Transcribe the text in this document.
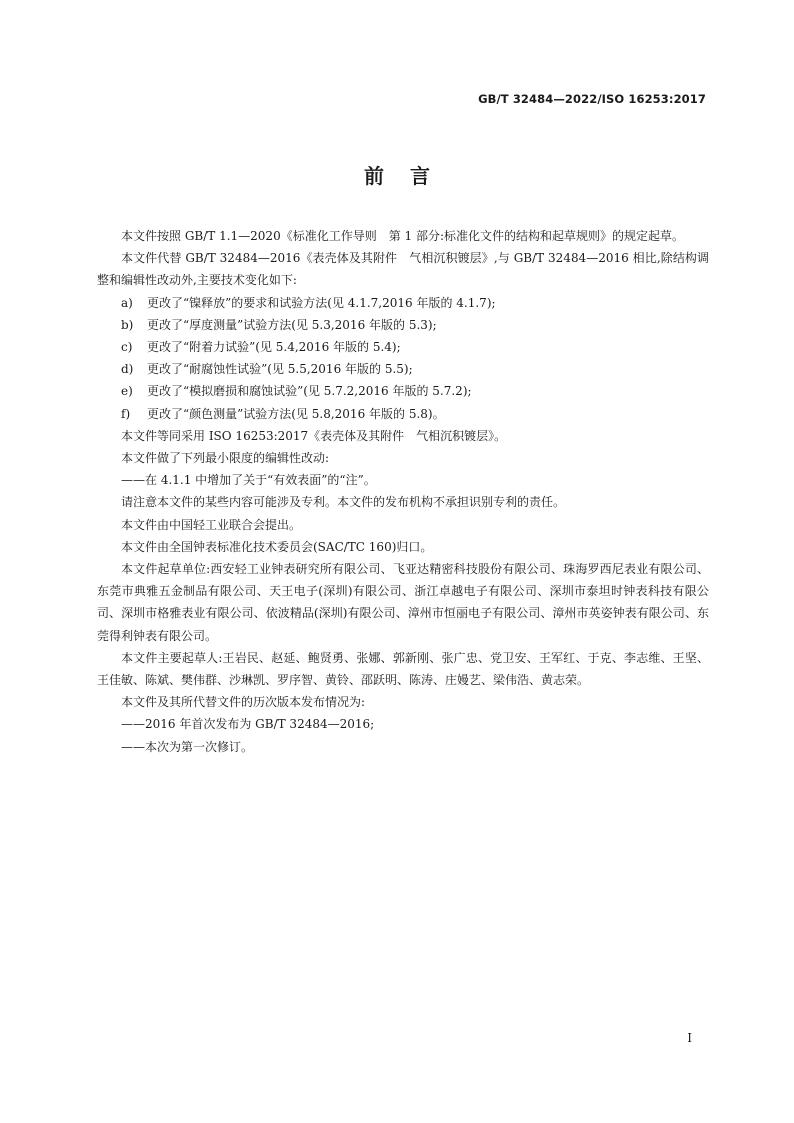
GB/T 32484—2022/ISO 16253:2017
前言

本文件按照 GB/T 1.1—2020《标准化工作导则　第 1 部分:标准化文件的结构和起草规则》的规定起草。

本文件代替 GB/T 32484—2016《表壳体及其附件　气相沉积镀层》,与 GB/T 32484—2016 相比,除结构调整和编辑性改动外,主要技术变化如下:

a) 更改了“镍释放”的要求和试验方法(见 4.1.7,2016 年版的 4.1.7);

b) 更改了“厚度测量”试验方法(见 5.3,2016 年版的 5.3);

c) 更改了“附着力试验”(见 5.4,2016 年版的 5.4);

d) 更改了“耐腐蚀性试验”(见 5.5,2016 年版的 5.5);

e) 更改了“模拟磨损和腐蚀试验”(见 5.7.2,2016 年版的 5.7.2);

f) 更改了“颜色测量”试验方法(见 5.8,2016 年版的 5.8)。

本文件等同采用 ISO 16253:2017《表壳体及其附件　气相沉积镀层》。

本文件做了下列最小限度的编辑性改动:

——在 4.1.1 中增加了关于“有效表面”的“注”。

请注意本文件的某些内容可能涉及专利。本文件的发布机构不承担识别专利的责任。

本文件由中国轻工业联合会提出。

本文件由全国钟表标准化技术委员会(SAC/TC 160)归口。

本文件起草单位:西安轻工业钟表研究所有限公司、飞亚达精密科技股份有限公司、珠海罗西尼表业有限公司、东莞市典雅五金制品有限公司、天王电子(深圳)有限公司、浙江卓越电子有限公司、深圳市泰坦时钟表科技有限公司、深圳市格雅表业有限公司、依波精品(深圳)有限公司、漳州市恒丽电子有限公司、漳州市英姿钟表有限公司、东莞得利钟表有限公司。

本文件主要起草人:王岩民、赵延、鲍贤勇、张娜、郭新刚、张广忠、党卫安、王军红、于克、李志维、王坚、王佳敏、陈斌、樊伟群、沙琳凯、罗序智、黄铃、邵跃明、陈涛、庄嫚艺、梁伟浩、黄志荣。

本文件及其所代替文件的历次版本发布情况为:

——2016 年首次发布为 GB/T 32484—2016;

——本次为第一次修订。

I
